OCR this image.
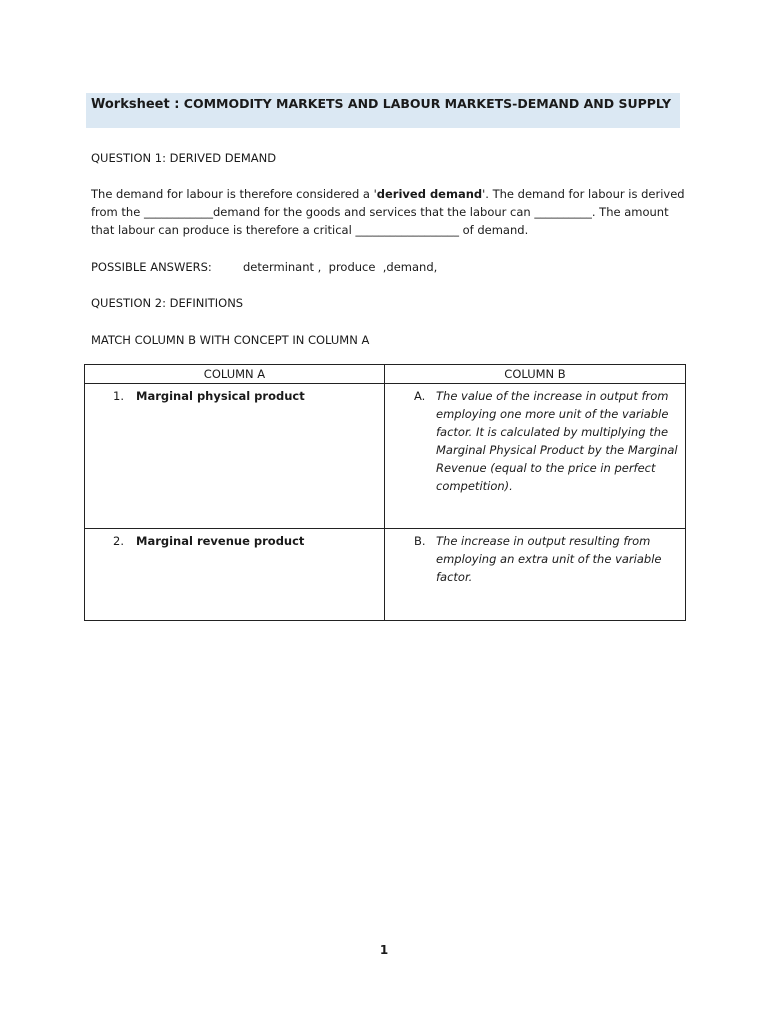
Worksheet : COMMODITY MARKETS AND LABOUR MARKETS-DEMAND AND SUPPLY
QUESTION 1: DERIVED DEMAND
The demand for labour is therefore considered a 'derived demand'. The demand for labour is derived from the ____________demand for the goods and services that the labour can __________. The amount that labour can produce is therefore a critical __________________ of demand.
POSSIBLE ANSWERS:	determinant ,  produce  ,demand,
QUESTION 2: DEFINITIONS
MATCH COLUMN B WITH CONCEPT IN COLUMN A
COLUMN A	COLUMN B

1. Marginal physical product	A. The value of the increase in output from employing one more unit of the variable factor. It is calculated by multiplying the Marginal Physical Product by the Marginal Revenue (equal to the price in perfect competition).

2. Marginal revenue product	B. The increase in output resulting from employing an extra unit of the variable factor.
1
